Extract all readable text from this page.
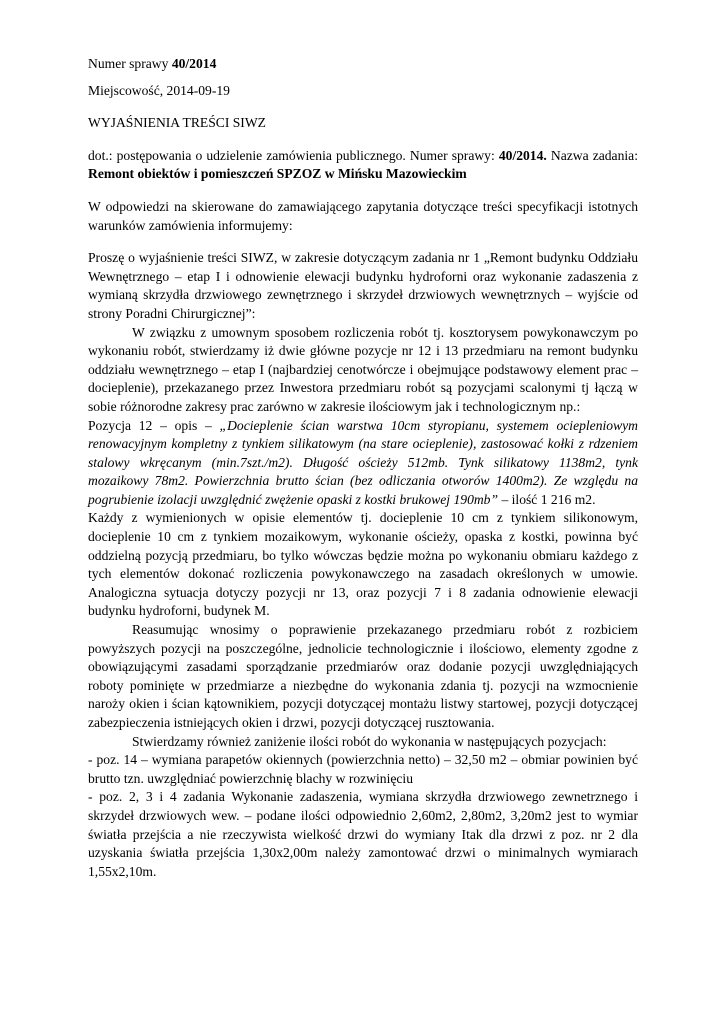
Numer sprawy 40/2014

Miejscowość, 2014-09-19

WYJAŚNIENIA TREŚCI SIWZ

dot.: postępowania o udzielenie zamówienia publicznego. Numer sprawy: 40/2014. Nazwa zadania: Remont obiektów i pomieszczeń SPZOZ w Mińsku Mazowieckim

W odpowiedzi na skierowane do zamawiającego zapytania dotyczące treści specyfikacji istotnych warunków zamówienia informujemy:

Proszę o wyjaśnienie treści SIWZ, w zakresie dotyczącym zadania nr 1 „Remont budynku Oddziału Wewnętrznego – etap I i odnowienie elewacji budynku hydroforni oraz wykonanie zadaszenia z wymianą skrzydła drzwiowego zewnętrznego i skrzydeł drzwiowych wewnętrznych – wyjście od strony Poradni Chirurgicznej”:

W związku z umownym sposobem rozliczenia robót tj. kosztorysem powykonawczym po wykonaniu robót, stwierdzamy iż dwie główne pozycje nr 12 i 13 przedmiaru na remont budynku oddziału wewnętrznego – etap I (najbardziej cenotwórcze i obejmujące podstawowy element prac – docieplenie), przekazanego przez Inwestora przedmiaru robót są pozycjami scalonymi tj łączą w sobie różnorodne zakresy prac zarówno w zakresie ilościowym jak i technologicznym np.:

Pozycja 12 – opis – „Docieplenie ścian warstwa 10cm styropianu, systemem ociepleniowym renowacyjnym kompletny z tynkiem silikatowym (na stare ocieplenie), zastosować kołki z rdzeniem stalowy wkręcanym (min.7szt./m2). Długość ościeży 512mb. Tynk silikatowy 1138m2, tynk mozaikowy 78m2. Powierzchnia brutto ścian (bez odliczania otworów 1400m2). Ze względu na pogrubienie izolacji uwzględnić zwężenie opaski z kostki brukowej 190mb” – ilość 1 216 m2.

Każdy z wymienionych w opisie elementów tj. docieplenie 10 cm z tynkiem silikonowym, docieplenie 10 cm z tynkiem mozaikowym, wykonanie ościeży, opaska z kostki, powinna być oddzielną pozycją przedmiaru, bo tylko wówczas będzie można po wykonaniu obmiaru każdego z tych elementów dokonać rozliczenia powykonawczego na zasadach określonych w umowie. Analogiczna sytuacja dotyczy pozycji nr 13, oraz pozycji 7 i 8 zadania odnowienie elewacji budynku hydroforni, budynek M.

Reasumując wnosimy o poprawienie przekazanego przedmiaru robót z rozbiciem powyższych pozycji na poszczególne, jednolicie technologicznie i ilościowo, elementy zgodne z obowiązującymi zasadami sporządzanie przedmiarów oraz dodanie pozycji uwzględniających roboty pominięte w przedmiarze a niezbędne do wykonania zdania tj. pozycji na wzmocnienie naroży okien i ścian kątownikiem, pozycji dotyczącej montażu listwy startowej, pozycji dotyczącej zabezpieczenia istniejących okien i drzwi, pozycji dotyczącej rusztowania.

Stwierdzamy również zaniżenie ilości robót do wykonania w następujących pozycjach:

- poz. 14 – wymiana parapetów okiennych (powierzchnia netto) – 32,50 m2 – obmiar powinien być brutto tzn. uwzględniać powierzchnię blachy w rozwinięciu

- poz. 2, 3 i 4 zadania Wykonanie zadaszenia, wymiana skrzydła drzwiowego zewnetrznego i skrzydeł drzwiowych wew. – podane ilości odpowiednio 2,60m2, 2,80m2, 3,20m2 jest to wymiar światła przejścia a nie rzeczywista wielkość drzwi do wymiany Itak dla drzwi z poz. nr 2 dla uzyskania światła przejścia 1,30x2,00m należy zamontować drzwi o minimalnych wymiarach 1,55x2,10m.
